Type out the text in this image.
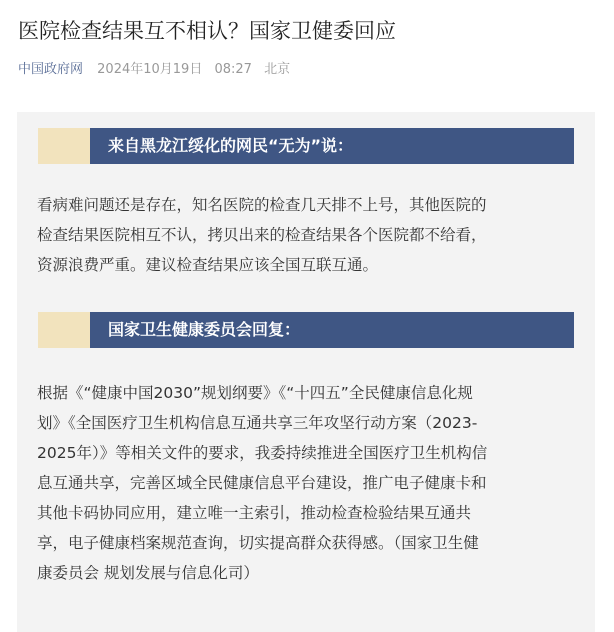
医院检查结果互不相认？国家卫健委回应
中国政府网 2024年10月19日 08:27 北京
来自黑龙江绥化的网民“无为”说：

看病难问题还是存在，知名医院的检查几天排不上号，其他医院的
检查结果医院相互不认，拷贝出来的检查结果各个医院都不给看，
资源浪费严重。建议检查结果应该全国互联互通。

国家卫生健康委员会回复：

根据《“健康中国2030”规划纲要》《“十四五”全民健康信息化规
划》《全国医疗卫生机构信息互通共享三年攻坚行动方案（2023-
2025年）》等相关文件的要求，我委持续推进全国医疗卫生机构信
息互通共享，完善区域全民健康信息平台建设，推广电子健康卡和
其他卡码协同应用，建立唯一主索引，推动检查检验结果互通共
享，电子健康档案规范查询，切实提高群众获得感。（国家卫生健
康委员会 规划发展与信息化司）
